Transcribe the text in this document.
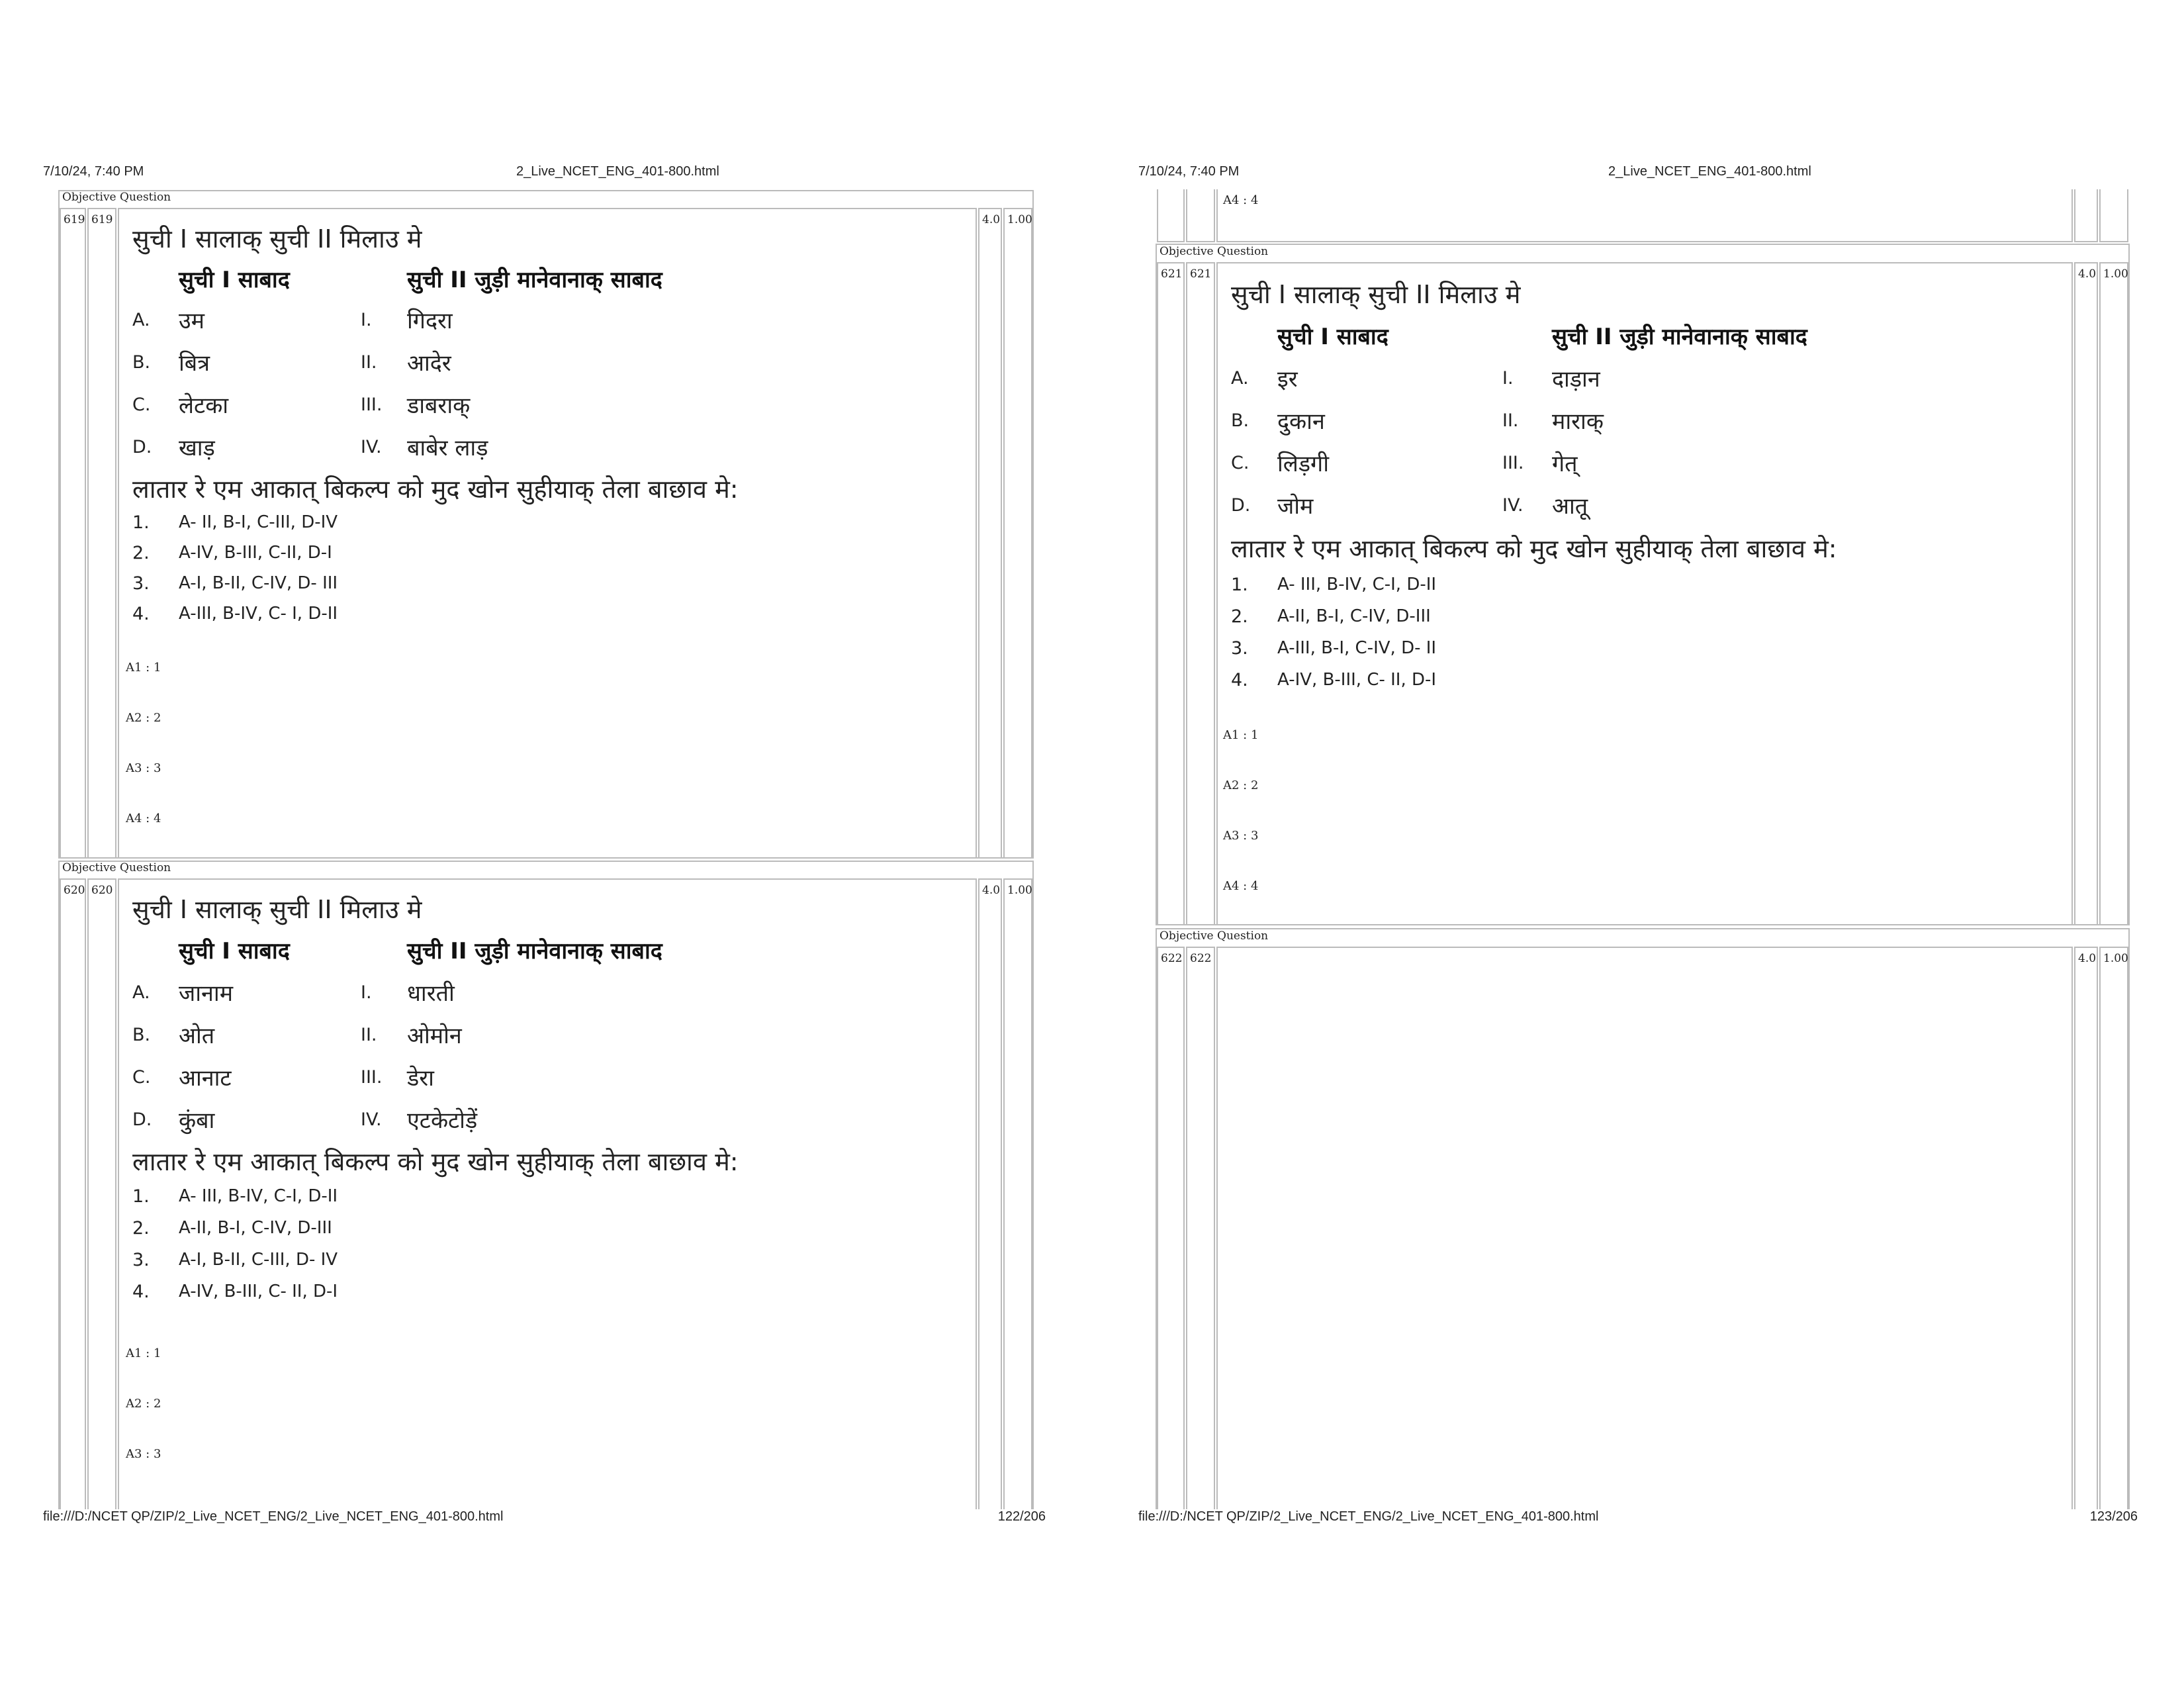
7/10/24, 7:40 PM	2_Live_NCET_ENG_401-800.html
Objective Question
619 619	4.0 1.00
सुची I सालाक् सुची II मिलाउ मे
सुची I साबाद	सुची II जुड़ी मानेवानाक् साबाद
A. उम	I. गिदरा
B. बित्र	II. आदेर
C. लेटका	III. डाबराक्
D. खाड़	IV. बाबेर लाड़
लातार रे एम आकात् बिकल्प को मुद खोन सुहीयाक् तेला बाछाव मे:
1. A- II, B-I, C-III, D-IV
2. A-IV, B-III, C-II, D-I
3. A-I, B-II, C-IV, D- III
4. A-III, B-IV, C- I, D-II
A1 : 1
A2 : 2
A3 : 3
A4 : 4
Objective Question
620 620	4.0 1.00
सुची I सालाक् सुची II मिलाउ मे
सुची I साबाद	सुची II जुड़ी मानेवानाक् साबाद
A. जानाम	I. धारती
B. ओत	II. ओमोन
C. आनाट	III. डेरा
D. कुंबा	IV. एटकेटोड़ें
लातार रे एम आकात् बिकल्प को मुद खोन सुहीयाक् तेला बाछाव मे:
1. A- III, B-IV, C-I, D-II
2. A-II, B-I, C-IV, D-III
3. A-I, B-II, C-III, D- IV
4. A-IV, B-III, C- II, D-I
A1 : 1
A2 : 2
A3 : 3
file:///D:/NCET QP/ZIP/2_Live_NCET_ENG/2_Live_NCET_ENG_401-800.html	122/206
7/10/24, 7:40 PM	2_Live_NCET_ENG_401-800.html
A4 : 4
Objective Question
621 621	4.0 1.00
सुची I सालाक् सुची II मिलाउ मे
सुची I साबाद	सुची II जुड़ी मानेवानाक् साबाद
A. इर	I. दाड़ान
B. दुकान	II. माराक्
C. लिड़गी	III. गेत्
D. जोम	IV. आतू
लातार रे एम आकात् बिकल्प को मुद खोन सुहीयाक् तेला बाछाव मे:
1. A- III, B-IV, C-I, D-II
2. A-II, B-I, C-IV, D-III
3. A-III, B-I, C-IV, D- II
4. A-IV, B-III, C- II, D-I
A1 : 1
A2 : 2
A3 : 3
A4 : 4
Objective Question
622 622	4.0 1.00
file:///D:/NCET QP/ZIP/2_Live_NCET_ENG/2_Live_NCET_ENG_401-800.html	123/206
